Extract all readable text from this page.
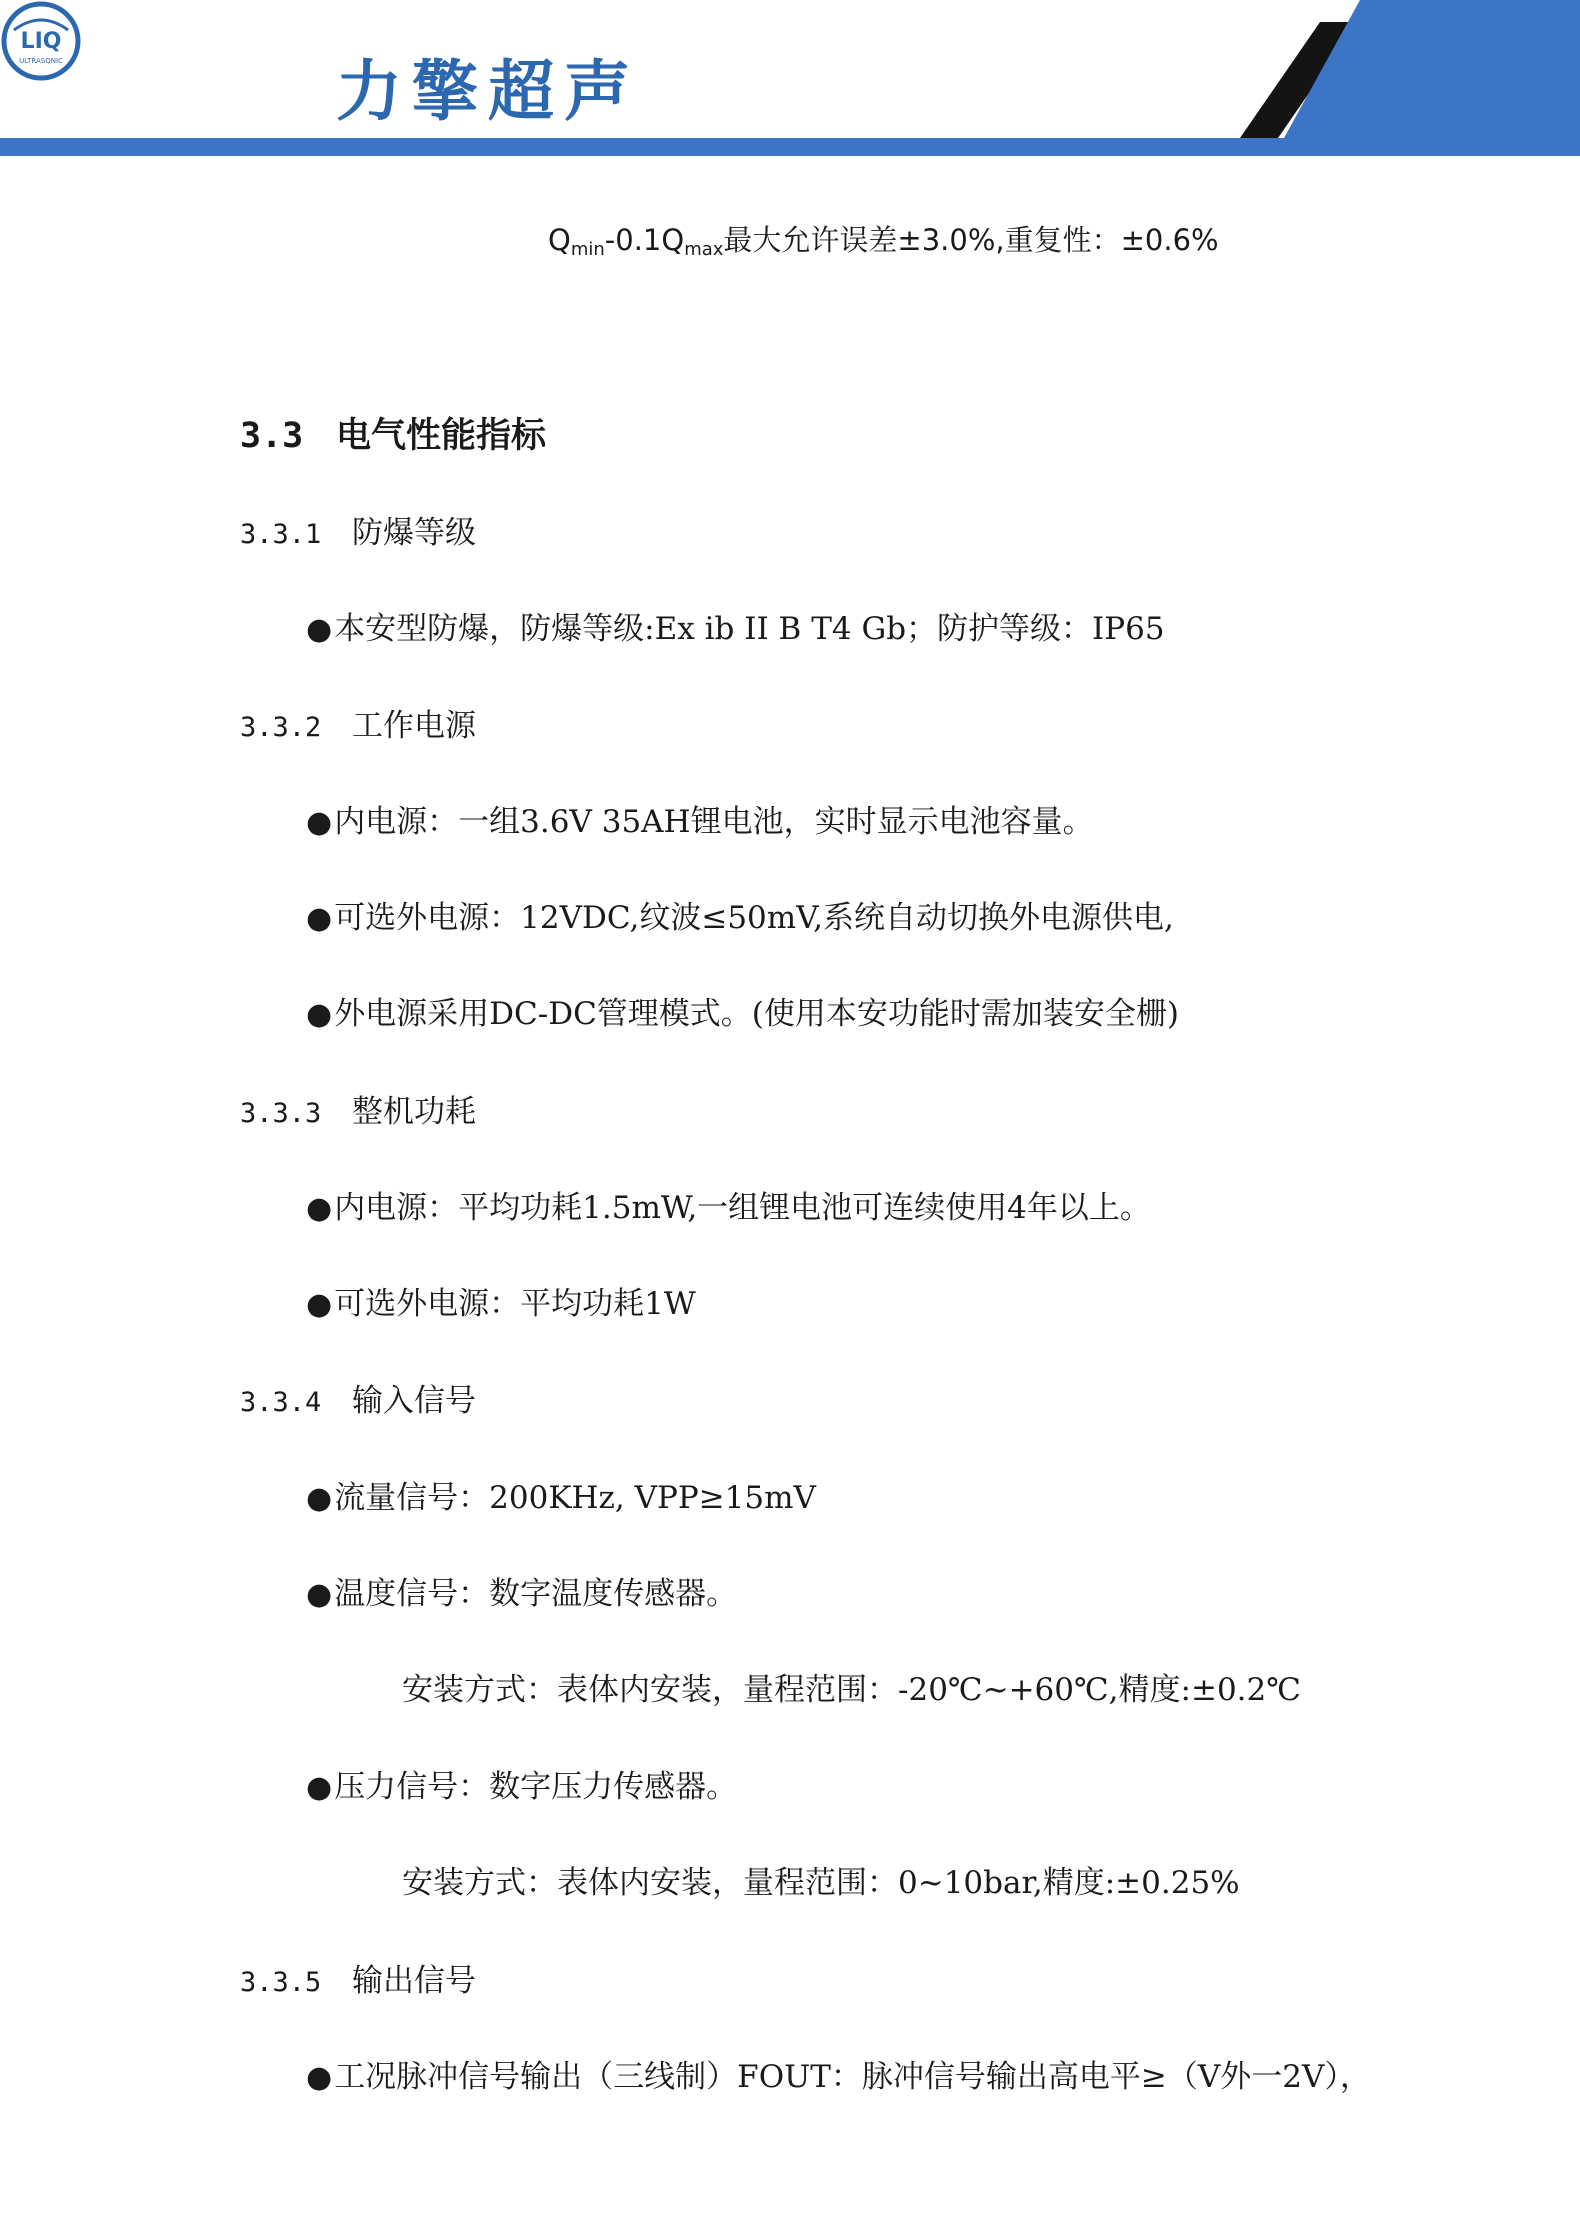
LIQ
ULTRASONIC	力擎超声
$Q_{min}-0.1Q_{max}$最大允许误差±3.0%,重复性：±0.6%
3.3 电气性能指标
3.3.1 防爆等级
●本安型防爆，防爆等级:Ex ib II B T4 Gb；防护等级：IP65
3.3.2 工作电源
●内电源：一组3.6V 35AH锂电池，实时显示电池容量。
●可选外电源：12VDC,纹波≤50mV,系统自动切换外电源供电,
●外电源采用DC-DC管理模式。(使用本安功能时需加装安全栅)
3.3.3 整机功耗
●内电源：平均功耗1.5mW,一组锂电池可连续使用4年以上。
●可选外电源：平均功耗1W
3.3.4 输入信号
●流量信号：200KHz, VPP≥15mV
●温度信号：数字温度传感器。
安装方式：表体内安装，量程范围：-20℃~+60℃,精度:±0.2℃
●压力信号：数字压力传感器。
安装方式：表体内安装，量程范围：0~10bar,精度:±0.25%
3.3.5 输出信号
●工况脉冲信号输出（三线制）FOUT：脉冲信号输出高电平≥（V外一2V），
